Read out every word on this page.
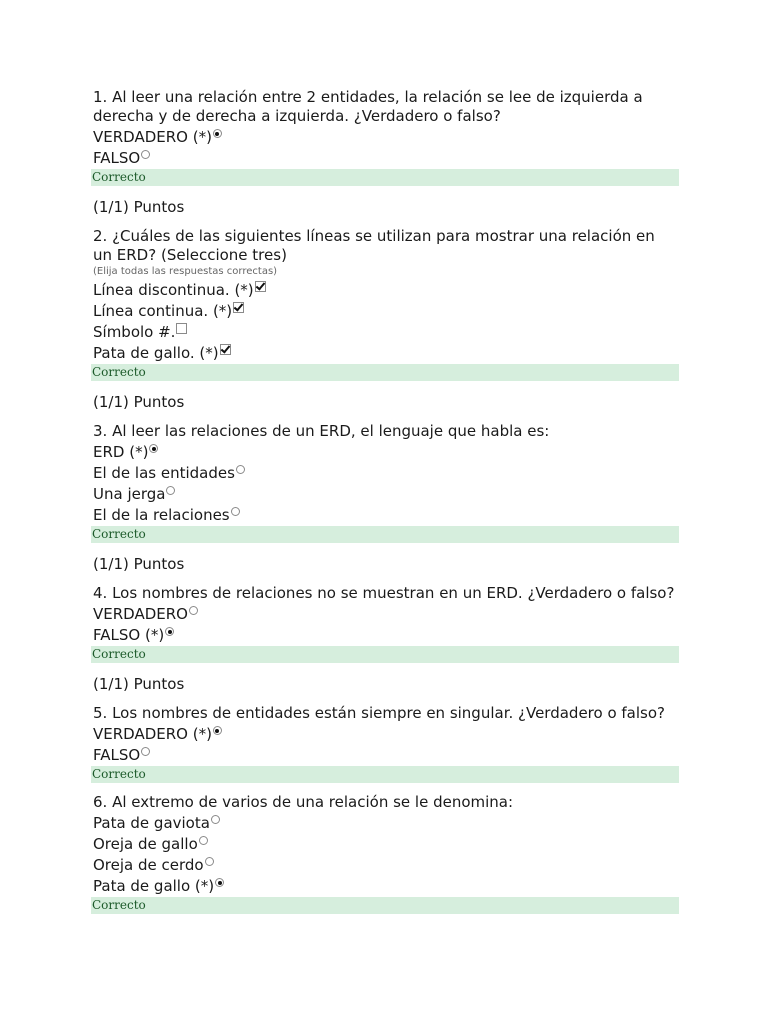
1. Al leer una relación entre 2 entidades, la relación se lee de izquierda a derecha y de derecha a izquierda. ¿Verdadero o falso?

VERDADERO (*)
FALSO
Correcto

(1/1) Puntos

2. ¿Cuáles de las siguientes líneas se utilizan para mostrar una relación en un ERD? (Seleccione tres)

(Elija todas las respuestas correctas)

Línea discontinua. (*)
Línea continua. (*)
Símbolo #.
Pata de gallo. (*)
Correcto

(1/1) Puntos

3. Al leer las relaciones de un ERD, el lenguaje que habla es:

ERD (*)
El de las entidades
Una jerga
El de la relaciones
Correcto

(1/1) Puntos

4. Los nombres de relaciones no se muestran en un ERD. ¿Verdadero o falso?

VERDADERO
FALSO (*)
Correcto

(1/1) Puntos

5. Los nombres de entidades están siempre en singular. ¿Verdadero o falso?

VERDADERO (*)
FALSO
Correcto

6. Al extremo de varios de una relación se le denomina:

Pata de gaviota
Oreja de gallo
Oreja de cerdo
Pata de gallo (*)
Correcto
